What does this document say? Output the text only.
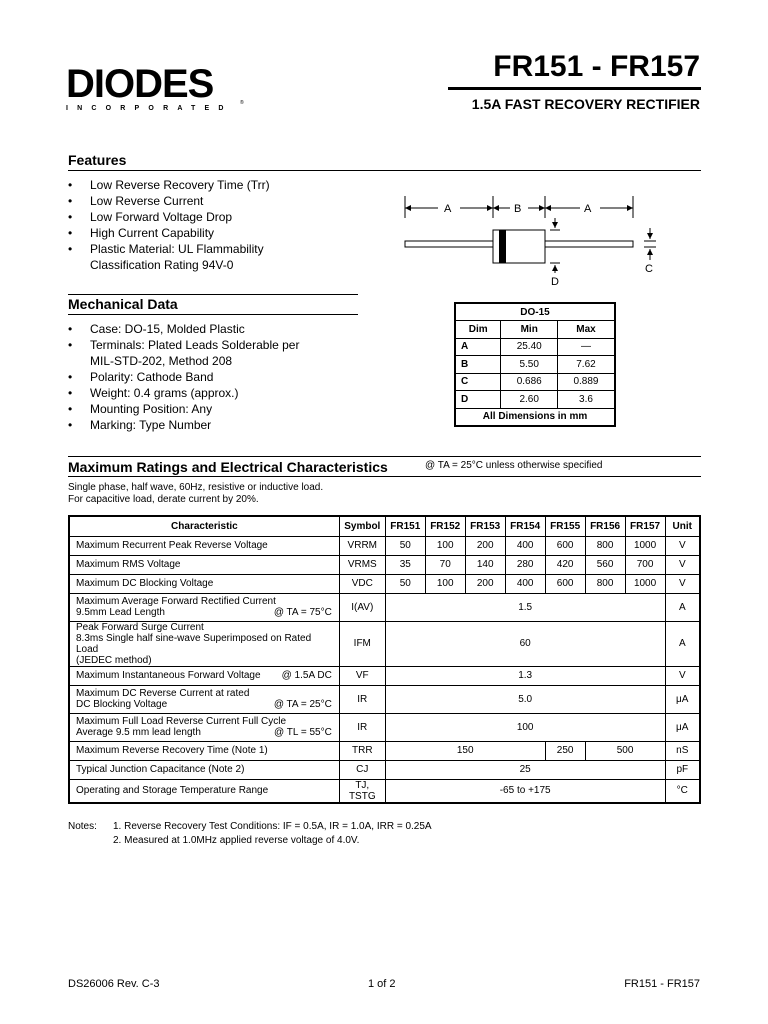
DIODES
INCORPORATED
®
FR151 - FR157
1.5A FAST RECOVERY RECTIFIER
Features
• Low Reverse Recovery Time (Trr)
• Low Reverse Current
• Low Forward Voltage Drop
• High Current Capability
• Plastic Material: UL Flammability
Classification Rating 94V-0
A	B	A
C
D
Mechanical Data
• Case: DO-15, Molded Plastic
• Terminals: Plated Leads Solderable per
MIL-STD-202, Method 208
• Polarity: Cathode Band
• Weight: 0.4 grams (approx.)
• Mounting Position: Any
• Marking: Type Number
DO-15		
Dim	Min	Max
A	25.40	—
B	5.50	7.62
C	0.686	0.889
D	2.60	3.6
All Dimensions in mm		
Maximum Ratings and Electrical Characteristics	@ TA = 25°C unless otherwise specified
Single phase, half wave, 60Hz, resistive or inductive load.
For capacitive load, derate current by 20%.
Characteristic	Symbol	FR151	FR152	FR153	FR154	FR155	FR156	FR157	Unit
Maximum Recurrent Peak Reverse Voltage	VRRM	50	100	200	400	600	800	1000	V
Maximum RMS Voltage	VRMS	35	70	140	280	420	560	700	V
Maximum DC Blocking Voltage	VDC	50	100	200	400	600	800	1000	V

Maximum Average Forward Rectified Current
9.5mm Lead Length @ TA = 75°C	I(AV)	1.5							A

Peak Forward Surge Current
8.3ms Single half sine-wave Superimposed on Rated Load
(JEDEC method)	IFM	60							A

Maximum Instantaneous Forward Voltage @ 1.5A DC	VF	1.3							V

Maximum DC Reverse Current at rated
DC Blocking Voltage @ TA = 25°C	IR	5.0							μA

Maximum Full Load Reverse Current Full Cycle
Average 9.5 mm lead length @ TL = 55°C	IR	100							μA
Maximum Reverse Recovery Time (Note 1)	TRR	150				250	500		nS
Typical Junction Capacitance (Note 2)	CJ	25							pF
Operating and Storage Temperature Range	TJ, TSTG	-65 to +175							°C
Notes: 1. Reverse Recovery Test Conditions: IF = 0.5A, IR = 1.0A, IRR = 0.25A
2. Measured at 1.0MHz applied reverse voltage of 4.0V.
DS26006 Rev. C-3	1 of 2	FR151 - FR157
